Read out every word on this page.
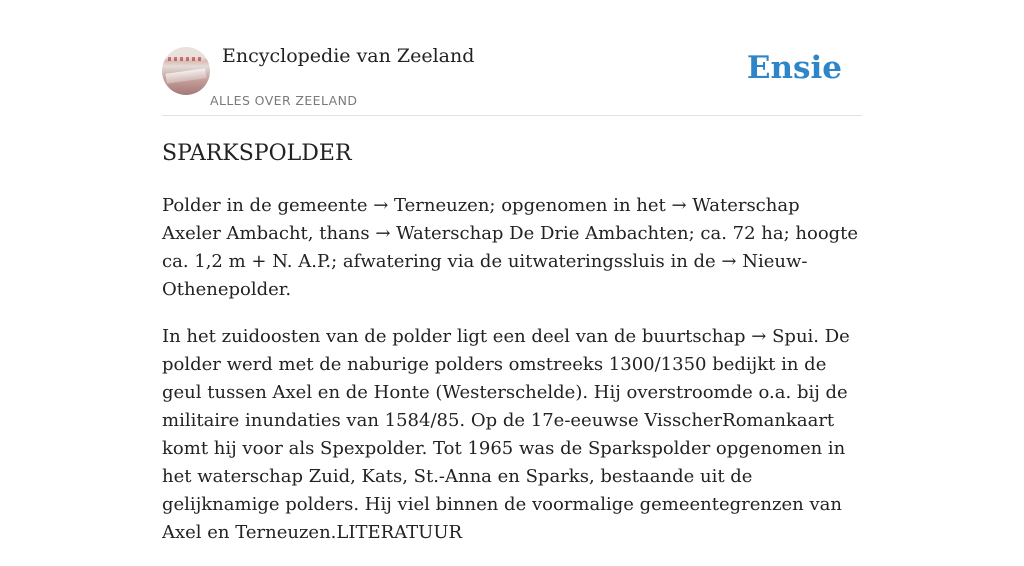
Encyclopedie van Zeeland
ALLES OVER ZEELAND
Ensie
SPARKSPOLDER

Polder in de gemeente → Terneuzen; opgenomen in het → Waterschap Axeler Ambacht, thans → Waterschap De Drie Ambachten; ca. 72 ha; hoogte ca. 1,2 m + N. A.P.; afwatering via de uitwateringssluis in de → Nieuw-Othenepolder.

In het zuidoosten van de polder ligt een deel van de buurtschap → Spui. De polder werd met de naburige polders omstreeks 1300/1350 bedijkt in de geul tussen Axel en de Honte (Westerschelde). Hij overstroomde o.a. bij de militaire inundaties van 1584/85. Op de 17e-eeuwse VisscherRomankaart komt hij voor als Spexpolder. Tot 1965 was de Sparkspolder opgenomen in het waterschap Zuid, Kats, St.-Anna en Sparks, bestaande uit de gelijknamige polders. Hij viel binnen de voormalige gemeentegrenzen van Axel en Terneuzen.LITERATUUR
